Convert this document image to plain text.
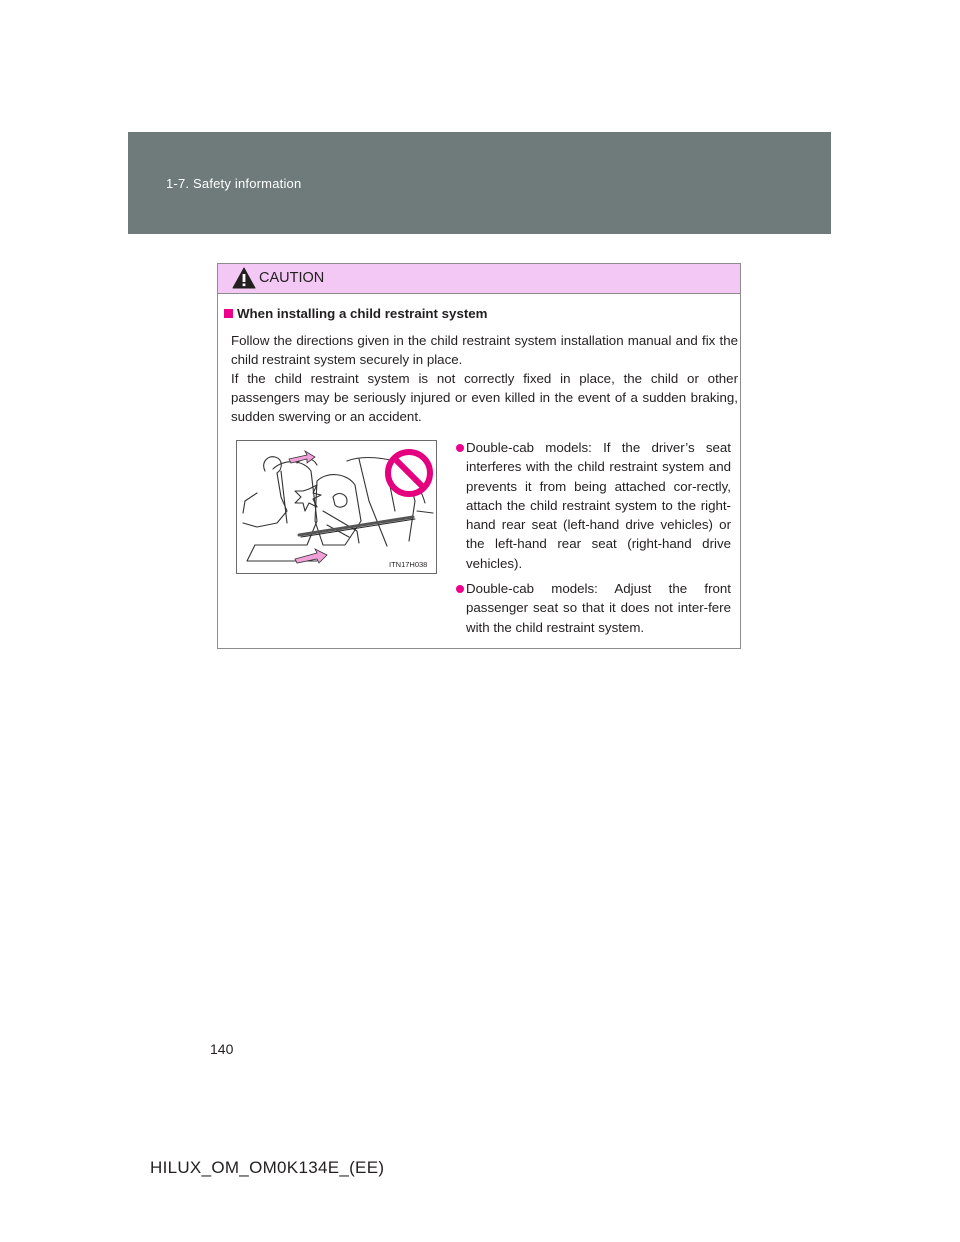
1-7. Safety information
CAUTION
When installing a child restraint system
Follow the directions given in the child restraint system installation manual and fix the child restraint system securely in place.
If the child restraint system is not correctly fixed in place, the child or other passengers may be seriously injured or even killed in the event of a sudden braking, sudden swerving or an accident.
ITN17H038
Double-cab models: If the driver’s seat interferes with the child restraint system and prevents it from being attached cor-rectly, attach the child restraint system to the right-hand rear seat (left-hand drive vehicles) or the left-hand rear seat (right-hand drive vehicles).
Double-cab models: Adjust the front passenger seat so that it does not inter-fere with the child restraint system.
140
HILUX_OM_OM0K134E_(EE)
